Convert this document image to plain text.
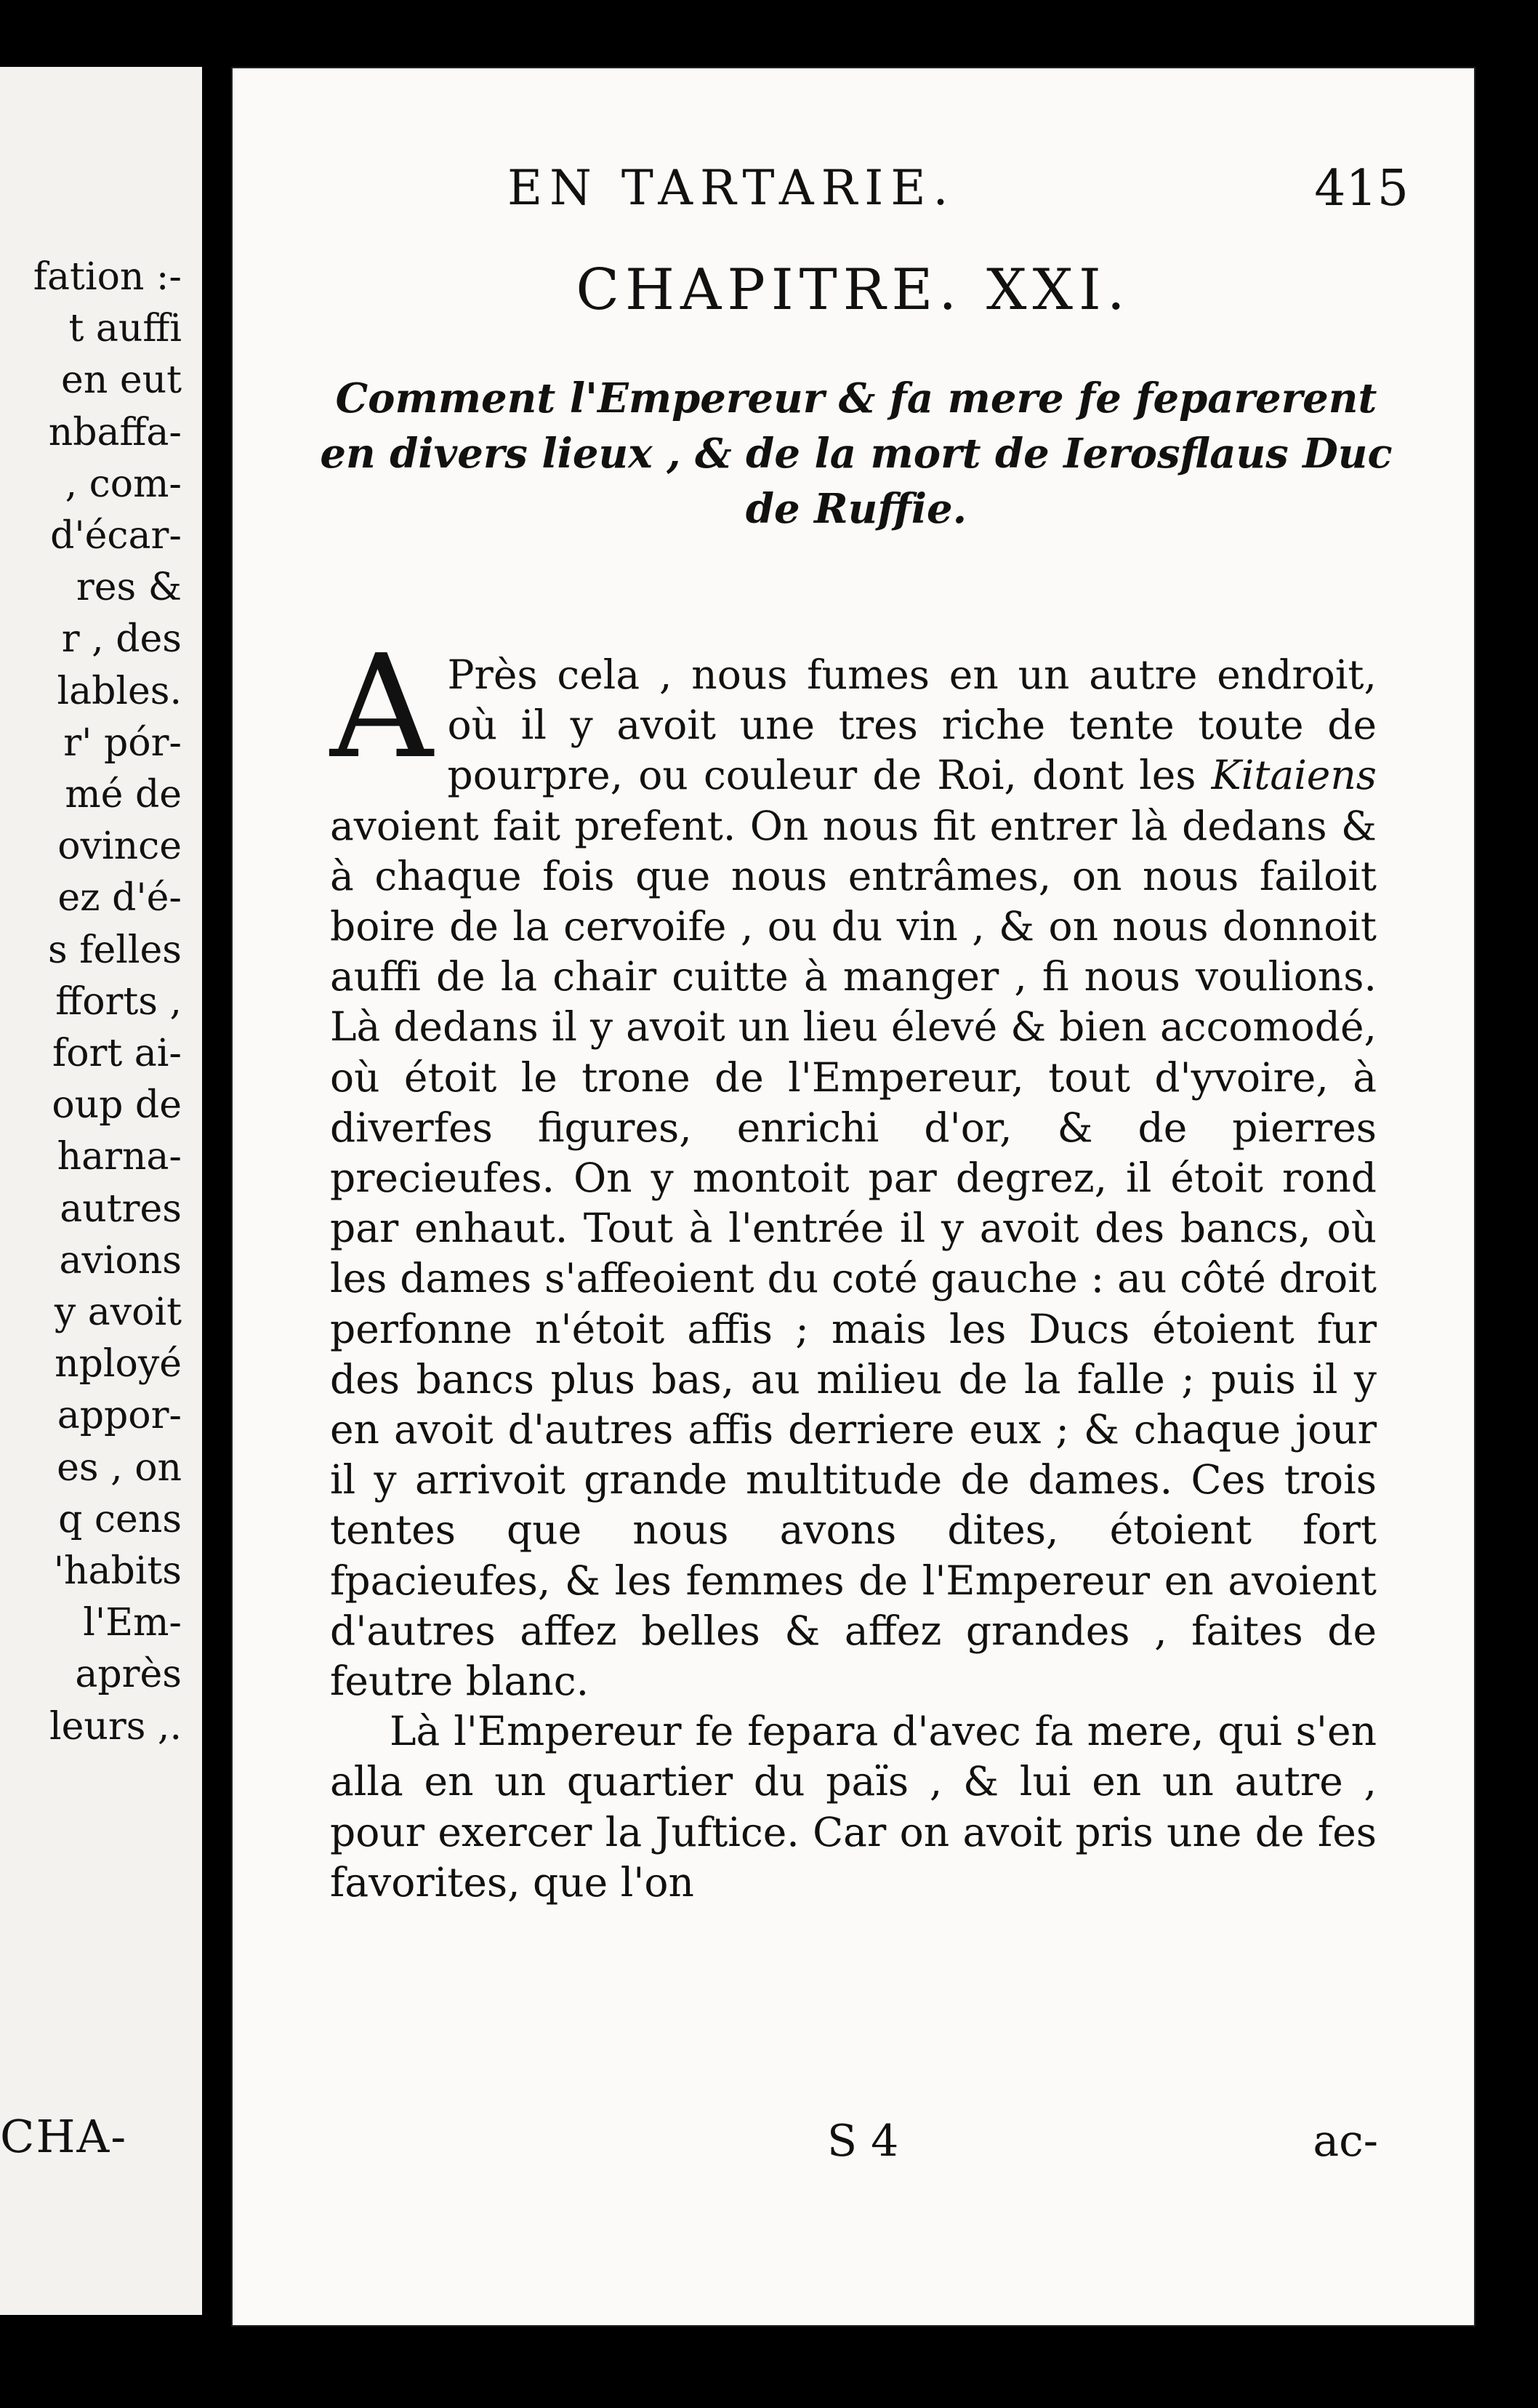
fation :-
t auffi
en eut
nbaffa-
, com-
d'écar-
res &
r , des
lables.
r' pór-
mé de
ovince
ez d'é-
s felles
fforts ,
fort ai-
oup de
harna-
autres
avions
y avoit
nployé
appor-
es , on
q cens
'habits
l'Em-
après
leurs ,.
CHA-
EN TARTARIE.	415
CHAPITRE. XXI.
Comment l'Empereur & fa mere fe feparerent en divers lieux , & de la mort de Ierosflaus Duc de Ruffie.

A Près cela , nous fumes en un autre endroit, où il y avoit une tres riche tente toute de pourpre, ou couleur de Roi, dont les Kitaiens avoient fait prefent. On nous fit entrer là dedans & à chaque fois que nous entrâmes, on nous failoit boire de la cervoife , ou du vin , & on nous donnoit auffi de la chair cuitte à manger , fi nous voulions. Là dedans il y avoit un lieu élevé & bien accomodé, où étoit le trone de l'Empereur, tout d'yvoire, à diverfes figures, enrichi d'or, & de pierres precieufes. On y montoit par degrez, il étoit rond par enhaut. Tout à l'entrée il y avoit des bancs, où les dames s'affeoient du coté gauche : au côté droit perfonne n'étoit affis ; mais les Ducs étoient fur des bancs plus bas, au milieu de la falle ; puis il y en avoit d'autres affis derriere eux ; & chaque jour il y arrivoit grande multitude de dames. Ces trois tentes que nous avons dites, étoient fort fpacieufes, & les femmes de l'Empereur en avoient d'autres affez belles & affez grandes , faites de feutre blanc.

Là l'Empereur fe fepara d'avec fa mere, qui s'en alla en un quartier du païs , & lui en un autre , pour exercer la Juftice. Car on avoit pris une de fes favorites, que l'on

S 4	ac-
